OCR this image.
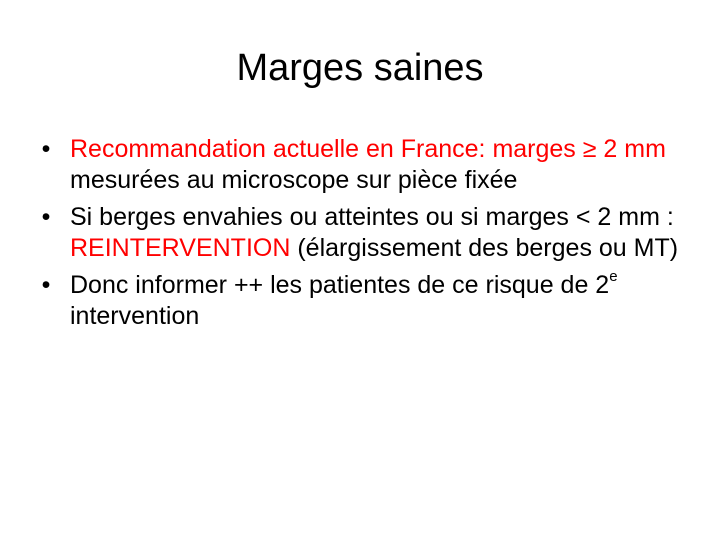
Marges saines
• Recommandation actuelle en France: marges ≥ 2 mm mesurées au microscope sur pièce fixée
• Si berges envahies ou atteintes ou si marges < 2 mm : REINTERVENTION (élargissement des berges ou MT)
• Donc informer ++ les patientes de ce risque de 2e intervention
